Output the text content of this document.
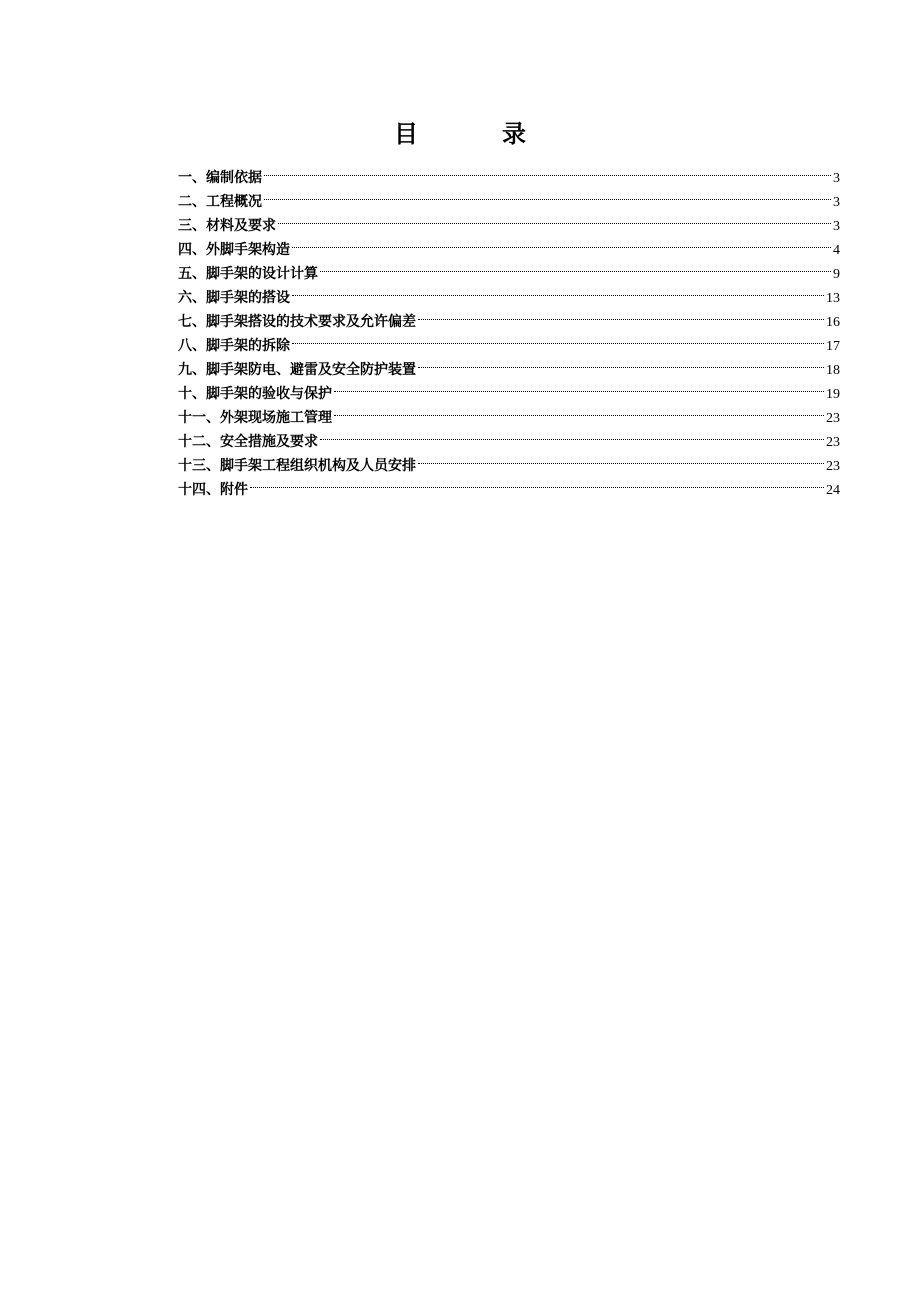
目	录
一、编制依据	3
二、工程概况	3
三、材料及要求	3
四、外脚手架构造	4
五、脚手架的设计计算	9
六、脚手架的搭设	13
七、脚手架搭设的技术要求及允许偏差	16
八、脚手架的拆除	17
九、脚手架防电、避雷及安全防护装置	18
十、脚手架的验收与保护	19
十一、外架现场施工管理	23
十二、安全措施及要求	23
十三、脚手架工程组织机构及人员安排	23
十四、附件	24
